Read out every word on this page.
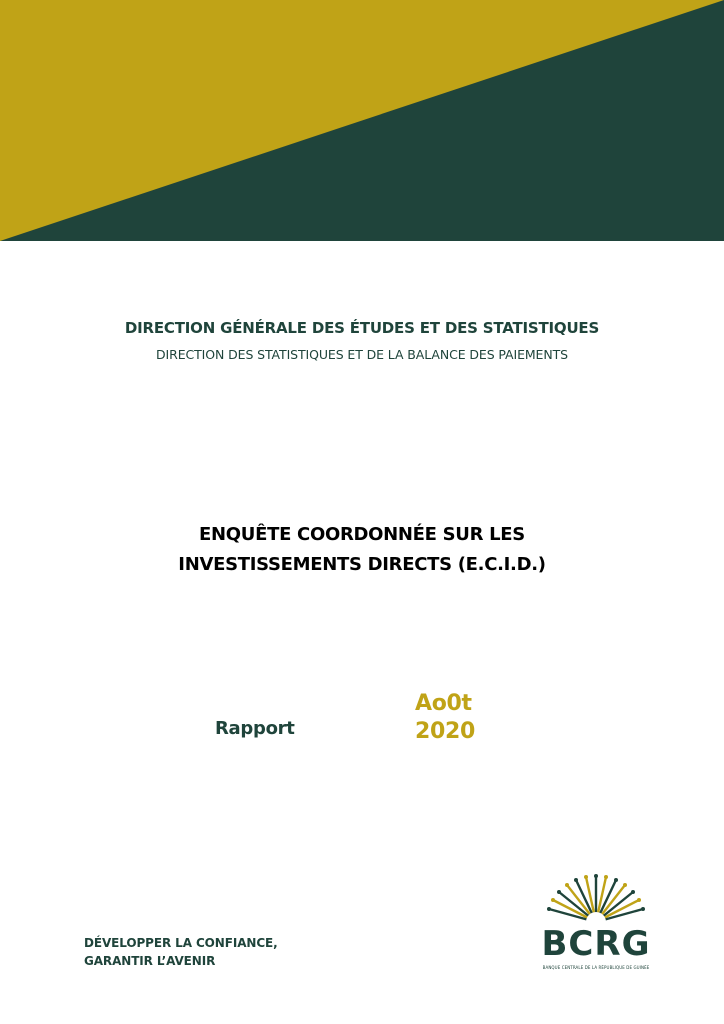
DIRECTION GÉNÉRALE DES ÉTUDES ET DES STATISTIQUES
DIRECTION DES STATISTIQUES ET DE LA BALANCE DES PAIEMENTS
ENQUÊTE COORDONNÉE SUR LES
INVESTISSEMENTS DIRECTS (E.C.I.D.)
Rapport
Ao0t
2020
DÉVELOPPER LA CONFIANCE,
GARANTIR L’AVENIR	BCRG
BANQUE CENTRALE DE LA RÉPUBLIQUE DE GUINÉE
